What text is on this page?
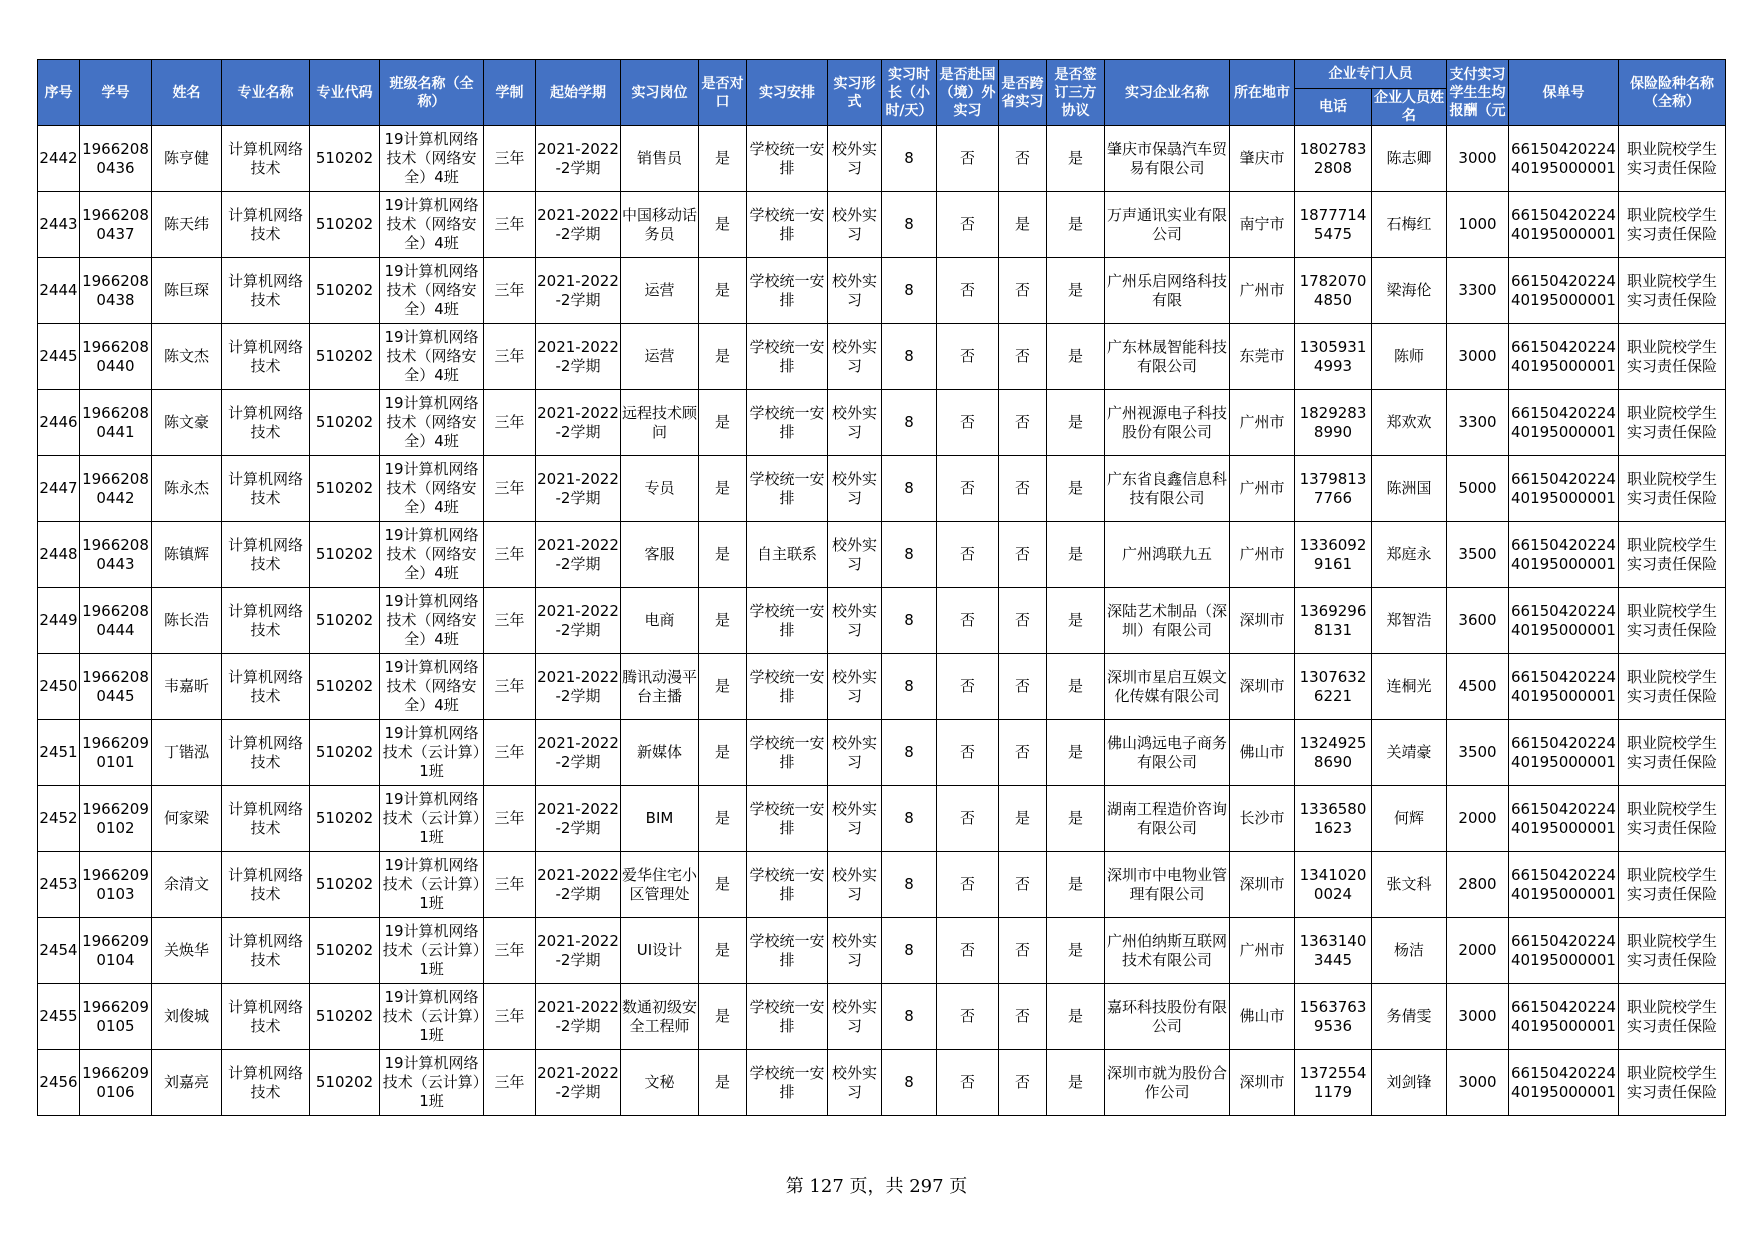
序号	学号	姓名	专业名称	专业代码	班级名称（全称）	学制	起始学期	实习岗位	是否对口	实习安排	实习形式	实习时长（小时/天）	是否赴国（境）外实习	是否跨省实习	是否签订三方协议	实习企业名称	所在地市	企业专门人员		支付实习学生生均报酬（元	保单号	保险险种名称（全称）
																		电话	企业人员姓名			
2442	19662080436	陈亨健	计算机网络技术	510202	19计算机网络技术（网络安全）4班	三年	2021-2022-2学期	销售员	是	学校统一安排	校外实习	8	否	否	是	肇庆市保骉汽车贸易有限公司	肇庆市	18027832808	陈志卿	3000	6615042022440195000001	职业院校学生实习责任保险
2443	19662080437	陈天纬	计算机网络技术	510202	19计算机网络技术（网络安全）4班	三年	2021-2022-2学期	中国移动话务员	是	学校统一安排	校外实习	8	否	是	是	万声通讯实业有限公司	南宁市	18777145475	石梅红	1000	6615042022440195000001	职业院校学生实习责任保险
2444	19662080438	陈巨琛	计算机网络技术	510202	19计算机网络技术（网络安全）4班	三年	2021-2022-2学期	运营	是	学校统一安排	校外实习	8	否	否	是	广州乐启网络科技有限	广州市	17820704850	梁海伦	3300	6615042022440195000001	职业院校学生实习责任保险
2445	19662080440	陈文杰	计算机网络技术	510202	19计算机网络技术（网络安全）4班	三年	2021-2022-2学期	运营	是	学校统一安排	校外实习	8	否	否	是	广东林晟智能科技有限公司	东莞市	13059314993	陈师	3000	6615042022440195000001	职业院校学生实习责任保险
2446	19662080441	陈文豪	计算机网络技术	510202	19计算机网络技术（网络安全）4班	三年	2021-2022-2学期	远程技术顾问	是	学校统一安排	校外实习	8	否	否	是	广州视源电子科技股份有限公司	广州市	18292838990	郑欢欢	3300	6615042022440195000001	职业院校学生实习责任保险
2447	19662080442	陈永杰	计算机网络技术	510202	19计算机网络技术（网络安全）4班	三年	2021-2022-2学期	专员	是	学校统一安排	校外实习	8	否	否	是	广东省良鑫信息科技有限公司	广州市	13798137766	陈洲国	5000	6615042022440195000001	职业院校学生实习责任保险
2448	19662080443	陈镇辉	计算机网络技术	510202	19计算机网络技术（网络安全）4班	三年	2021-2022-2学期	客服	是	自主联系	校外实习	8	否	否	是	广州鸿联九五	广州市	13360929161	郑庭永	3500	6615042022440195000001	职业院校学生实习责任保险
2449	19662080444	陈长浩	计算机网络技术	510202	19计算机网络技术（网络安全）4班	三年	2021-2022-2学期	电商	是	学校统一安排	校外实习	8	否	否	是	深陆艺术制品（深圳）有限公司	深圳市	13692968131	郑智浩	3600	6615042022440195000001	职业院校学生实习责任保险
2450	19662080445	韦嘉昕	计算机网络技术	510202	19计算机网络技术（网络安全）4班	三年	2021-2022-2学期	腾讯动漫平台主播	是	学校统一安排	校外实习	8	否	否	是	深圳市星启互娱文化传媒有限公司	深圳市	13076326221	连桐光	4500	6615042022440195000001	职业院校学生实习责任保险
2451	19662090101	丁锴泓	计算机网络技术	510202	19计算机网络技术（云计算）1班	三年	2021-2022-2学期	新媒体	是	学校统一安排	校外实习	8	否	否	是	佛山鸿远电子商务有限公司	佛山市	13249258690	关靖豪	3500	6615042022440195000001	职业院校学生实习责任保险
2452	19662090102	何家梁	计算机网络技术	510202	19计算机网络技术（云计算）1班	三年	2021-2022-2学期	BIM	是	学校统一安排	校外实习	8	否	是	是	湖南工程造价咨询有限公司	长沙市	13365801623	何辉	2000	6615042022440195000001	职业院校学生实习责任保险
2453	19662090103	余清文	计算机网络技术	510202	19计算机网络技术（云计算）1班	三年	2021-2022-2学期	爱华住宅小区管理处	是	学校统一安排	校外实习	8	否	否	是	深圳市中电物业管理有限公司	深圳市	13410200024	张文科	2800	6615042022440195000001	职业院校学生实习责任保险
2454	19662090104	关焕华	计算机网络技术	510202	19计算机网络技术（云计算）1班	三年	2021-2022-2学期	UI设计	是	学校统一安排	校外实习	8	否	否	是	广州伯纳斯互联网技术有限公司	广州市	13631403445	杨洁	2000	6615042022440195000001	职业院校学生实习责任保险
2455	19662090105	刘俊城	计算机网络技术	510202	19计算机网络技术（云计算）1班	三年	2021-2022-2学期	数通初级安全工程师	是	学校统一安排	校外实习	8	否	否	是	嘉环科技股份有限公司	佛山市	15637639536	务倩雯	3000	6615042022440195000001	职业院校学生实习责任保险
2456	19662090106	刘嘉亮	计算机网络技术	510202	19计算机网络技术（云计算）1班	三年	2021-2022-2学期	文秘	是	学校统一安排	校外实习	8	否	否	是	深圳市就为股份合作公司	深圳市	13725541179	刘剑锋	3000	6615042022440195000001	职业院校学生实习责任保险
第 127 页，共 297 页
